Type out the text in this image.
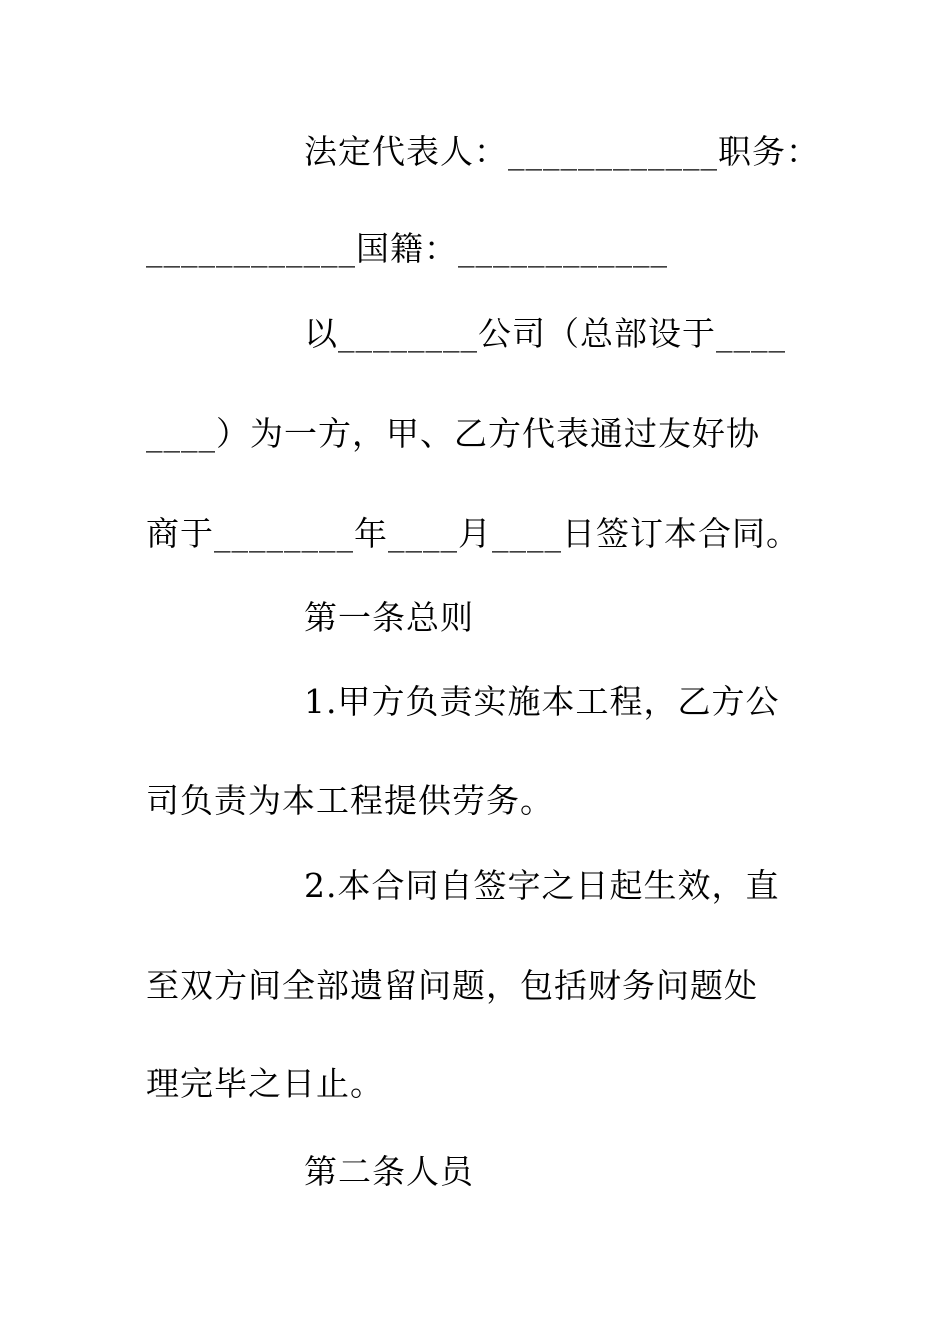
法定代表人：____________职务：
____________国籍：____________
以________公司（总部设于____
____）为一方，甲、乙方代表通过友好协
商于________年____月____日签订本合同。
第一条总则
1.甲方负责实施本工程，乙方公
司负责为本工程提供劳务。
2.本合同自签字之日起生效，直
至双方间全部遗留问题，包括财务问题处
理完毕之日止。
第二条人员
